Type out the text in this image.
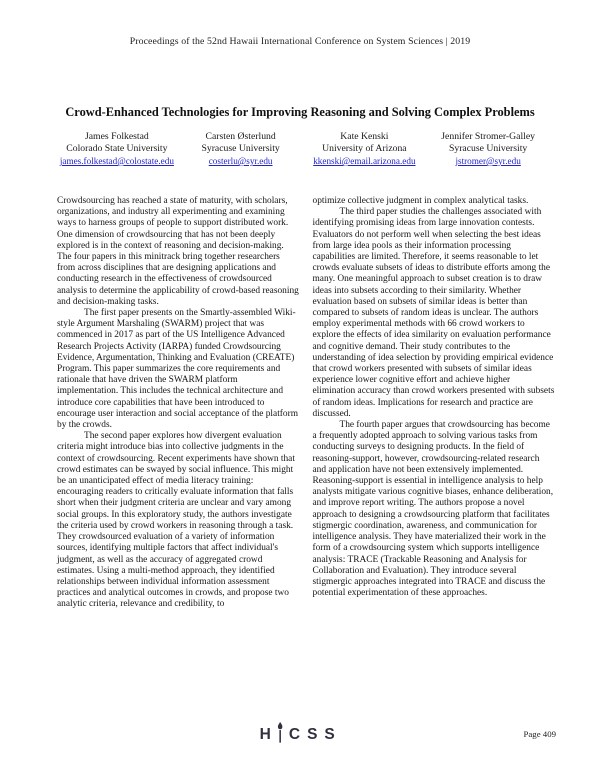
Proceedings of the 52nd Hawaii International Conference on System Sciences | 2019
Crowd-Enhanced Technologies for Improving Reasoning and Solving Complex Problems
James Folkestad
Colorado State University
james.folkestad@colostate.edu
Carsten Østerlund
Syracuse University
costerlu@syr.edu
Kate Kenski
University of Arizona
kkenski@email.arizona.edu
Jennifer Stromer-Galley
Syracuse University
jstromer@syr.edu

Crowdsourcing has reached a state of maturity, with scholars, organizations, and industry all experimenting and examining ways to harness groups of people to support distributed work. One dimension of crowdsourcing that has not been deeply explored is in the context of reasoning and decision-making. The four papers in this minitrack bring together researchers from across disciplines that are designing applications and conducting research in the effectiveness of crowdsourced analysis to determine the applicability of crowd-based reasoning and decision-making tasks.

The first paper presents on the Smartly-assembled Wiki-style Argument Marshaling (SWARM) project that was commenced in 2017 as part of the US Intelligence Advanced Research Projects Activity (IARPA) funded Crowdsourcing Evidence, Argumentation, Thinking and Evaluation (CREATE) Program. This paper summarizes the core requirements and rationale that have driven the SWARM platform implementation. This includes the technical architecture and introduce core capabilities that have been introduced to encourage user interaction and social acceptance of the platform by the crowds.

The second paper explores how divergent evaluation criteria might introduce bias into collective judgments in the context of crowdsourcing. Recent experiments have shown that crowd estimates can be swayed by social influence. This might be an unanticipated effect of media literacy training: encouraging readers to critically evaluate information that falls short when their judgment criteria are unclear and vary among social groups. In this exploratory study, the authors investigate the criteria used by crowd workers in reasoning through a task. They crowdsourced evaluation of a variety of information sources, identifying multiple factors that affect individual's judgment, as well as the accuracy of aggregated crowd estimates. Using a multi-method approach, they identified relationships between individual information assessment practices and analytical outcomes in crowds, and propose two analytic criteria, relevance and credibility, to

optimize collective judgment in complex analytical tasks.

The third paper studies the challenges associated with identifying promising ideas from large innovation contests. Evaluators do not perform well when selecting the best ideas from large idea pools as their information processing capabilities are limited. Therefore, it seems reasonable to let crowds evaluate subsets of ideas to distribute efforts among the many. One meaningful approach to subset creation is to draw ideas into subsets according to their similarity. Whether evaluation based on subsets of similar ideas is better than compared to subsets of random ideas is unclear. The authors employ experimental methods with 66 crowd workers to explore the effects of idea similarity on evaluation performance and cognitive demand. Their study contributes to the understanding of idea selection by providing empirical evidence that crowd workers presented with subsets of similar ideas experience lower cognitive effort and achieve higher elimination accuracy than crowd workers presented with subsets of random ideas. Implications for research and practice are discussed.

The fourth paper argues that crowdsourcing has become a frequently adopted approach to solving various tasks from conducting surveys to designing products. In the field of reasoning-support, however, crowdsourcing-related research and application have not been extensively implemented. Reasoning-support is essential in intelligence analysis to help analysts mitigate various cognitive biases, enhance deliberation, and improve report writing. The authors propose a novel approach to designing a crowdsourcing platform that facilitates stigmergic coordination, awareness, and communication for intelligence analysis. They have materialized their work in the form of a crowdsourcing system which supports intelligence analysis: TRACE (Trackable Reasoning and Analysis for Collaboration and Evaluation). They introduce several stigmergic approaches integrated into TRACE and discuss the potential experimentation of these approaches.

H C S S	Page 409
